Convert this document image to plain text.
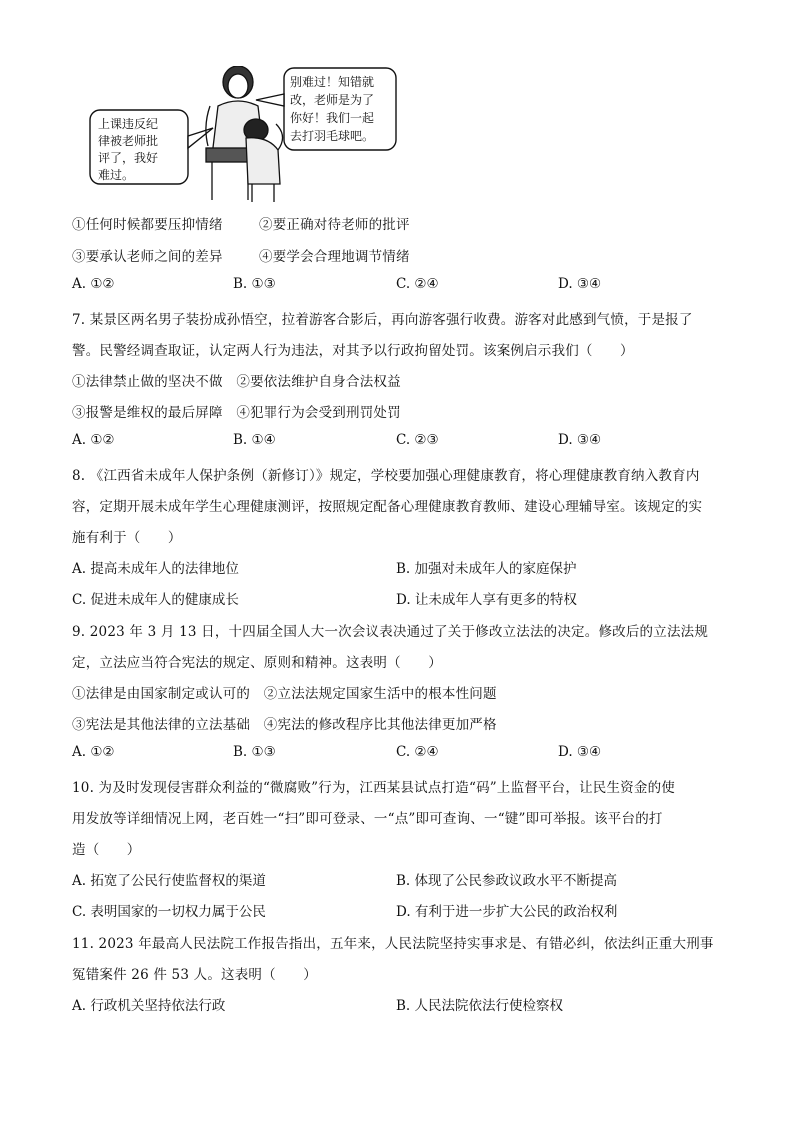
上课违反纪
律被老师批
评了，我好
难过。
别难过！知错就
改，老师是为了
你好！我们一起
去打羽毛球吧。
①任何时候都要压抑情绪	②要正确对待老师的批评
③要承认老师之间的差异	④要学会合理地调节情绪
A. ①②	B. ①③	C. ②④	D. ③④
7. 某景区两名男子装扮成孙悟空，拉着游客合影后，再向游客强行收费。游客对此感到气愤，于是报了
警。民警经调查取证，认定两人行为违法，对其予以行政拘留处罚。该案例启示我们（　　）
①法律禁止做的坚决不做　②要依法维护自身合法权益
③报警是维权的最后屏障　④犯罪行为会受到刑罚处罚
A. ①②	B. ①④	C. ②③	D. ③④
8. 《江西省未成年人保护条例（新修订）》规定，学校要加强心理健康教育，将心理健康教育纳入教育内
容，定期开展未成年学生心理健康测评，按照规定配备心理健康教育教师、建设心理辅导室。该规定的实
施有利于（　　）
A. 提高未成年人的法律地位	B. 加强对未成年人的家庭保护
C. 促进未成年人的健康成长	D. 让未成年人享有更多的特权
9. 2023 年 3 月 13 日，十四届全国人大一次会议表决通过了关于修改立法法的决定。修改后的立法法规
定，立法应当符合宪法的规定、原则和精神。这表明（　　）
①法律是由国家制定或认可的　②立法法规定国家生活中的根本性问题
③宪法是其他法律的立法基础　④宪法的修改程序比其他法律更加严格
A. ①②	B. ①③	C. ②④	D. ③④
10. 为及时发现侵害群众利益的“微腐败”行为，江西某县试点打造“码”上监督平台，让民生资金的使
用发放等详细情况上网，老百姓一“扫”即可登录、一“点”即可查询、一“键”即可举报。该平台的打
造（　　）
A. 拓宽了公民行使监督权的渠道	B. 体现了公民参政议政水平不断提高
C. 表明国家的一切权力属于公民	D. 有利于进一步扩大公民的政治权利
11. 2023 年最高人民法院工作报告指出，五年来，人民法院坚持实事求是、有错必纠，依法纠正重大刑事
冤错案件 26 件 53 人。这表明（　　）
A. 行政机关坚持依法行政	B. 人民法院依法行使检察权
